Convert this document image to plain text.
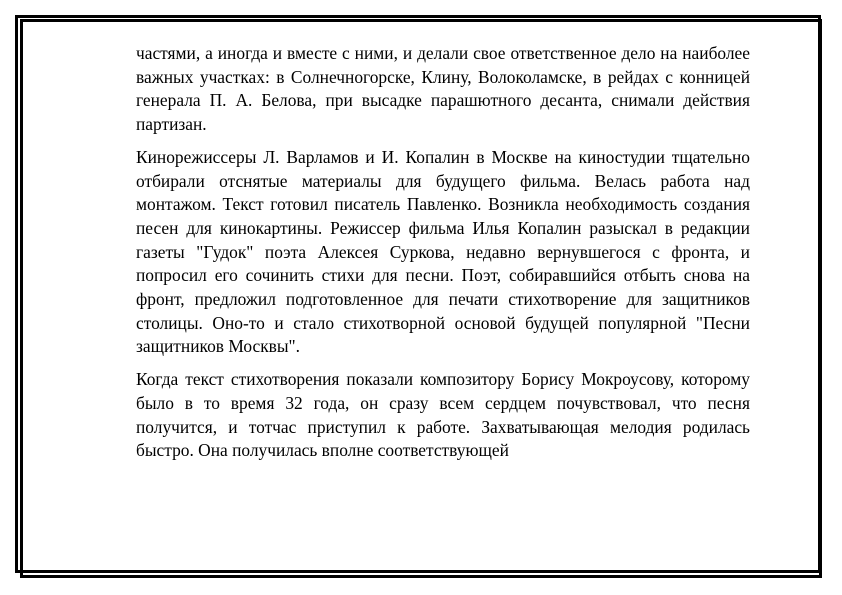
частями, а иногда и вместе с ними, и делали свое ответственное дело на наиболее важных участках: в Солнечногорске, Клину, Волоколамске, в рейдах с конницей генерала П. А. Белова, при высадке парашютного десанта, снимали действия партизан.

Кинорежиссеры Л. Варламов и И. Копалин в Москве на киностудии тщательно отбирали отснятые материалы для будущего фильма. Велась работа над монтажом. Текст готовил писатель Павленко. Возникла необходимость создания песен для кинокартины. Режиссер фильма Илья Копалин разыскал в редакции газеты "Гудок" поэта Алексея Суркова, недавно вернувшегося с фронта, и попросил его сочинить стихи для песни. Поэт, собиравшийся отбыть снова на фронт, предложил подготовленное для печати стихотворение для защитников столицы. Оно-то и стало стихотворной основой будущей популярной "Песни защитников Москвы".

Когда текст стихотворения показали композитору Борису Мокроусову, которому было в то время 32 года, он сразу всем сердцем почувствовал, что песня получится, и тотчас приступил к работе. Захватывающая мелодия родилась быстро. Она получилась вполне соответствующей
